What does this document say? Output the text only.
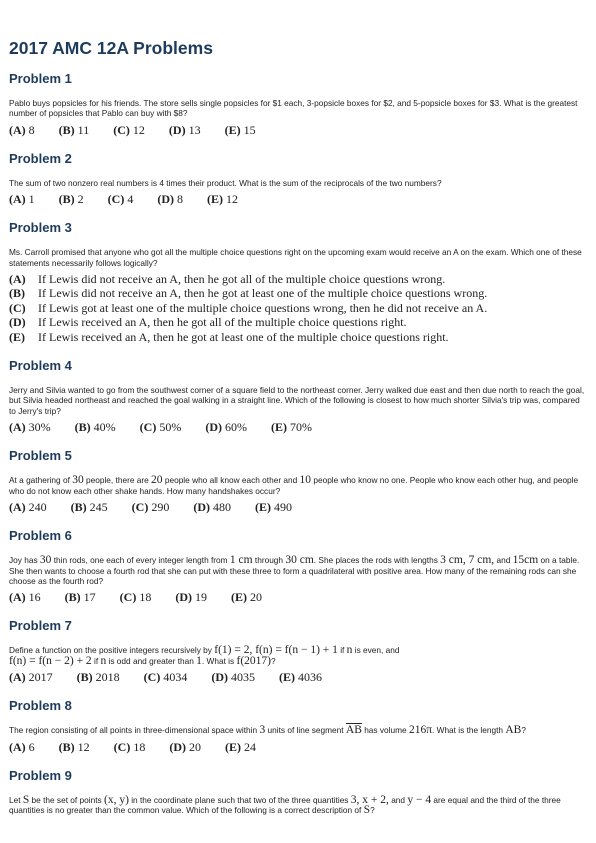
2017 AMC 12A Problems
Problem 1

Pablo buys popsicles for his friends. The store sells single popsicles for $1 each, 3-popsicle boxes for $2, and 5-popsicle boxes for $3. What is the greatest number of popsicles that Pablo can buy with $8?

(A) 8 (B) 11 (C) 12 (D) 13 (E) 15
Problem 2

The sum of two nonzero real numbers is 4 times their product. What is the sum of the reciprocals of the two numbers?

(A) 1 (B) 2 (C) 4 (D) 8 (E) 12
Problem 3

Ms. Carroll promised that anyone who got all the multiple choice questions right on the upcoming exam would receive an A on the exam. Which one of these statements necessarily follows logically?

(A) If Lewis did not receive an A, then he got all of the multiple choice questions wrong.
(B) If Lewis did not receive an A, then he got at least one of the multiple choice questions wrong.
(C) If Lewis got at least one of the multiple choice questions wrong, then he did not receive an A.
(D) If Lewis received an A, then he got all of the multiple choice questions right.
(E) If Lewis received an A, then he got at least one of the multiple choice questions right.
Problem 4

Jerry and Silvia wanted to go from the southwest corner of a square field to the northeast corner. Jerry walked due east and then due north to reach the goal, but Silvia headed northeast and reached the goal walking in a straight line. Which of the following is closest to how much shorter Silvia's trip was, compared to Jerry's trip?

(A) 30% (B) 40% (C) 50% (D) 60% (E) 70%
Problem 5

At a gathering of 30 people, there are 20 people who all know each other and 10 people who know no one. People who know each other hug, and people who do not know each other shake hands. How many handshakes occur?

(A) 240 (B) 245 (C) 290 (D) 480 (E) 490
Problem 6

Joy has 30 thin rods, one each of every integer length from 1 cm through 30 cm. She places the rods with lengths 3 cm, 7 cm, and 15cm on a table. She then wants to choose a fourth rod that she can put with these three to form a quadrilateral with positive area. How many of the remaining rods can she choose as the fourth rod?

(A) 16 (B) 17 (C) 18 (D) 19 (E) 20
Problem 7

Define a function on the positive integers recursively by f(1) = 2, f(n) = f(n − 1) + 1 if n is even, and
f(n) = f(n − 2) + 2 if n is odd and greater than 1. What is f(2017)?

(A) 2017 (B) 2018 (C) 4034 (D) 4035 (E) 4036
Problem 8

The region consisting of all points in three-dimensional space within 3 units of line segment $\overline{AB}$ has volume 216π. What is the length AB?

(A) 6 (B) 12 (C) 18 (D) 20 (E) 24
Problem 9

Let S be the set of points (x, y) in the coordinate plane such that two of the three quantities 3, x + 2, and y − 4 are equal and the third of the three quantities is no greater than the common value. Which of the following is a correct description of S?
